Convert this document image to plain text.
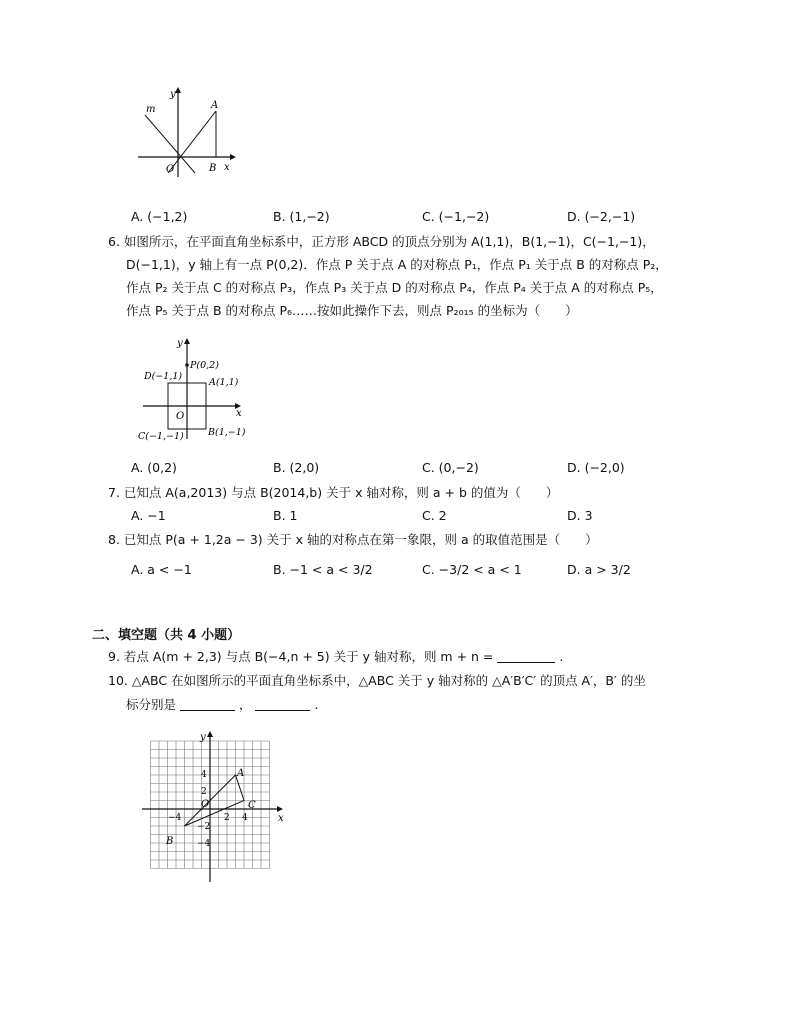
y
m	A
O	B x
A. (−1,2)	B. (1,−2)	C. (−1,−2)	D. (−2,−1)
6. 如图所示，在平面直角坐标系中，正方形 ABCD 的顶点分别为 A(1,1)，B(1,−1)，C(−1,−1)，
D(−1,1)，y 轴上有一点 P(0,2)．作点 P 关于点 A 的对称点 P₁，作点 P₁ 关于点 B 的对称点 P₂，
作点 P₂ 关于点 C 的对称点 P₃，作点 P₃ 关于点 D 的对称点 P₄，作点 P₄ 关于点 A 的对称点 P₅，
作点 P₅ 关于点 B 的对称点 P₆……按如此操作下去，则点 P₂₀₁₅ 的坐标为（　　）
y
P(0,2)
D(−1,1)
A(1,1)
O	x
C(−1,−1)	B(1,−1)
A. (0,2)	B. (2,0)	C. (0,−2)	D. (−2,0)
7. 已知点 A(a,2013) 与点 B(2014,b) 关于 x 轴对称，则 a + b 的值为（　　）
A. −1	B. 1	C. 2	D. 3
8. 已知点 P(a + 1,2a − 3) 关于 x 轴的对称点在第一象限，则 a 的取值范围是（　　）
A. a < −1	B. −1 < a < 3/2	C. −3/2 < a < 1	D. a > 3/2
二、填空题（共 4 小题）
9. 若点 A(m + 2,3) 与点 B(−4,n + 5) 关于 y 轴对称，则 m + n =	.
10. △ABC 在如图所示的平面直角坐标系中，△ABC 关于 y 轴对称的 △A′B′C′ 的顶点 A′，B′ 的坐
标分别是	，	.
y
x
A
B
C
O
4
2
−2
−4
−4	2 4
